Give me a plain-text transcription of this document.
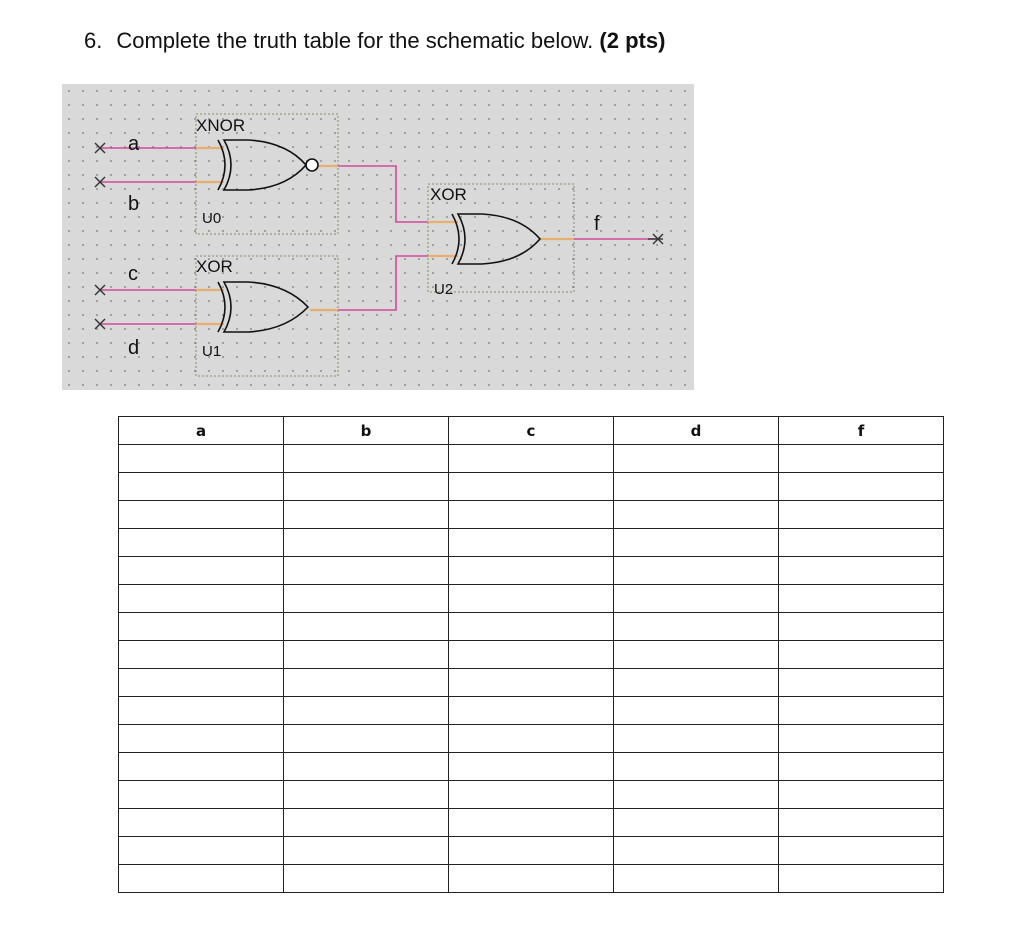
6. Complete the truth table for the schematic below. (2 pts)
a
b
c
d
f
XNOR
XOR
XOR
U0
U1
U2
a	b	c	d	f
